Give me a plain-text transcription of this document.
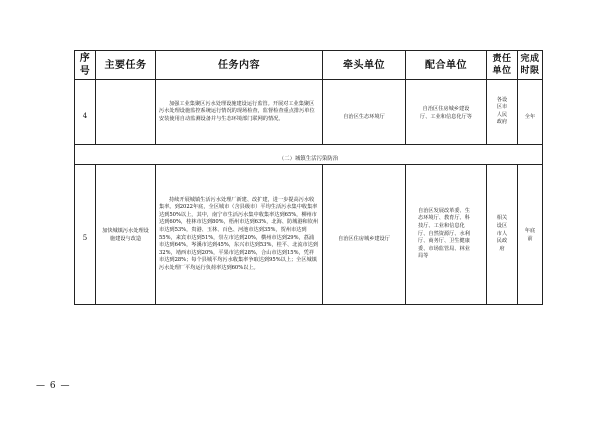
序号	主要任务	任务内容	牵头单位	配合单位	责任单位	完成时限
4		加强工业集聚区污水处理设施建设运行监管。开展对工业集聚区污水处理设施监控系统运行情况的现场检查，监督检查重点排污单位安装使用自动监测设备并与生态环境部门联网的情况。	自治区生态环境厅	自治区住房城乡建设厅、工业和信息化厅等	各设区市人民政府	全年
（二）城镇生活污染防治						
5	加快城镇污水处理设施建设与改造	持续开展城镇生活污水处理厂新建、改扩建，进一步提高污水收集率。到2022年底，全区城市（含县级市）平均生活污水集中收集率达到50%以上，其中，南宁市生活污水集中收集率达到65%，柳州市达到60%，桂林市达到80%，梧州市达到63%，北海、防城港和钦州市达到53%，贵港、玉林、百色、河池市达到35%，贺州市达到55%，来宾市达到51%，崇左市达到20%，横州市达到29%，荔浦市达到64%，岑溪市达到45%，东兴市达到53%，桂平、北流市达到32%，靖西市达到20%，平果市达到28%，合山市达到15%，凭祥市达到28%；每个县城平均污水收集率争取达到95%以上；全区城镇污水处理厂平均运行负荷率达到60%以上。	自治区住房城乡建设厅	自治区发展改革委、生态环境厅、教育厅、科技厅、工业和信息化厅、自然资源厅、水利厅、商务厅、卫生健康委、市场监管局、林业局等	相关设区市人民政府	年底前
— 6 —
